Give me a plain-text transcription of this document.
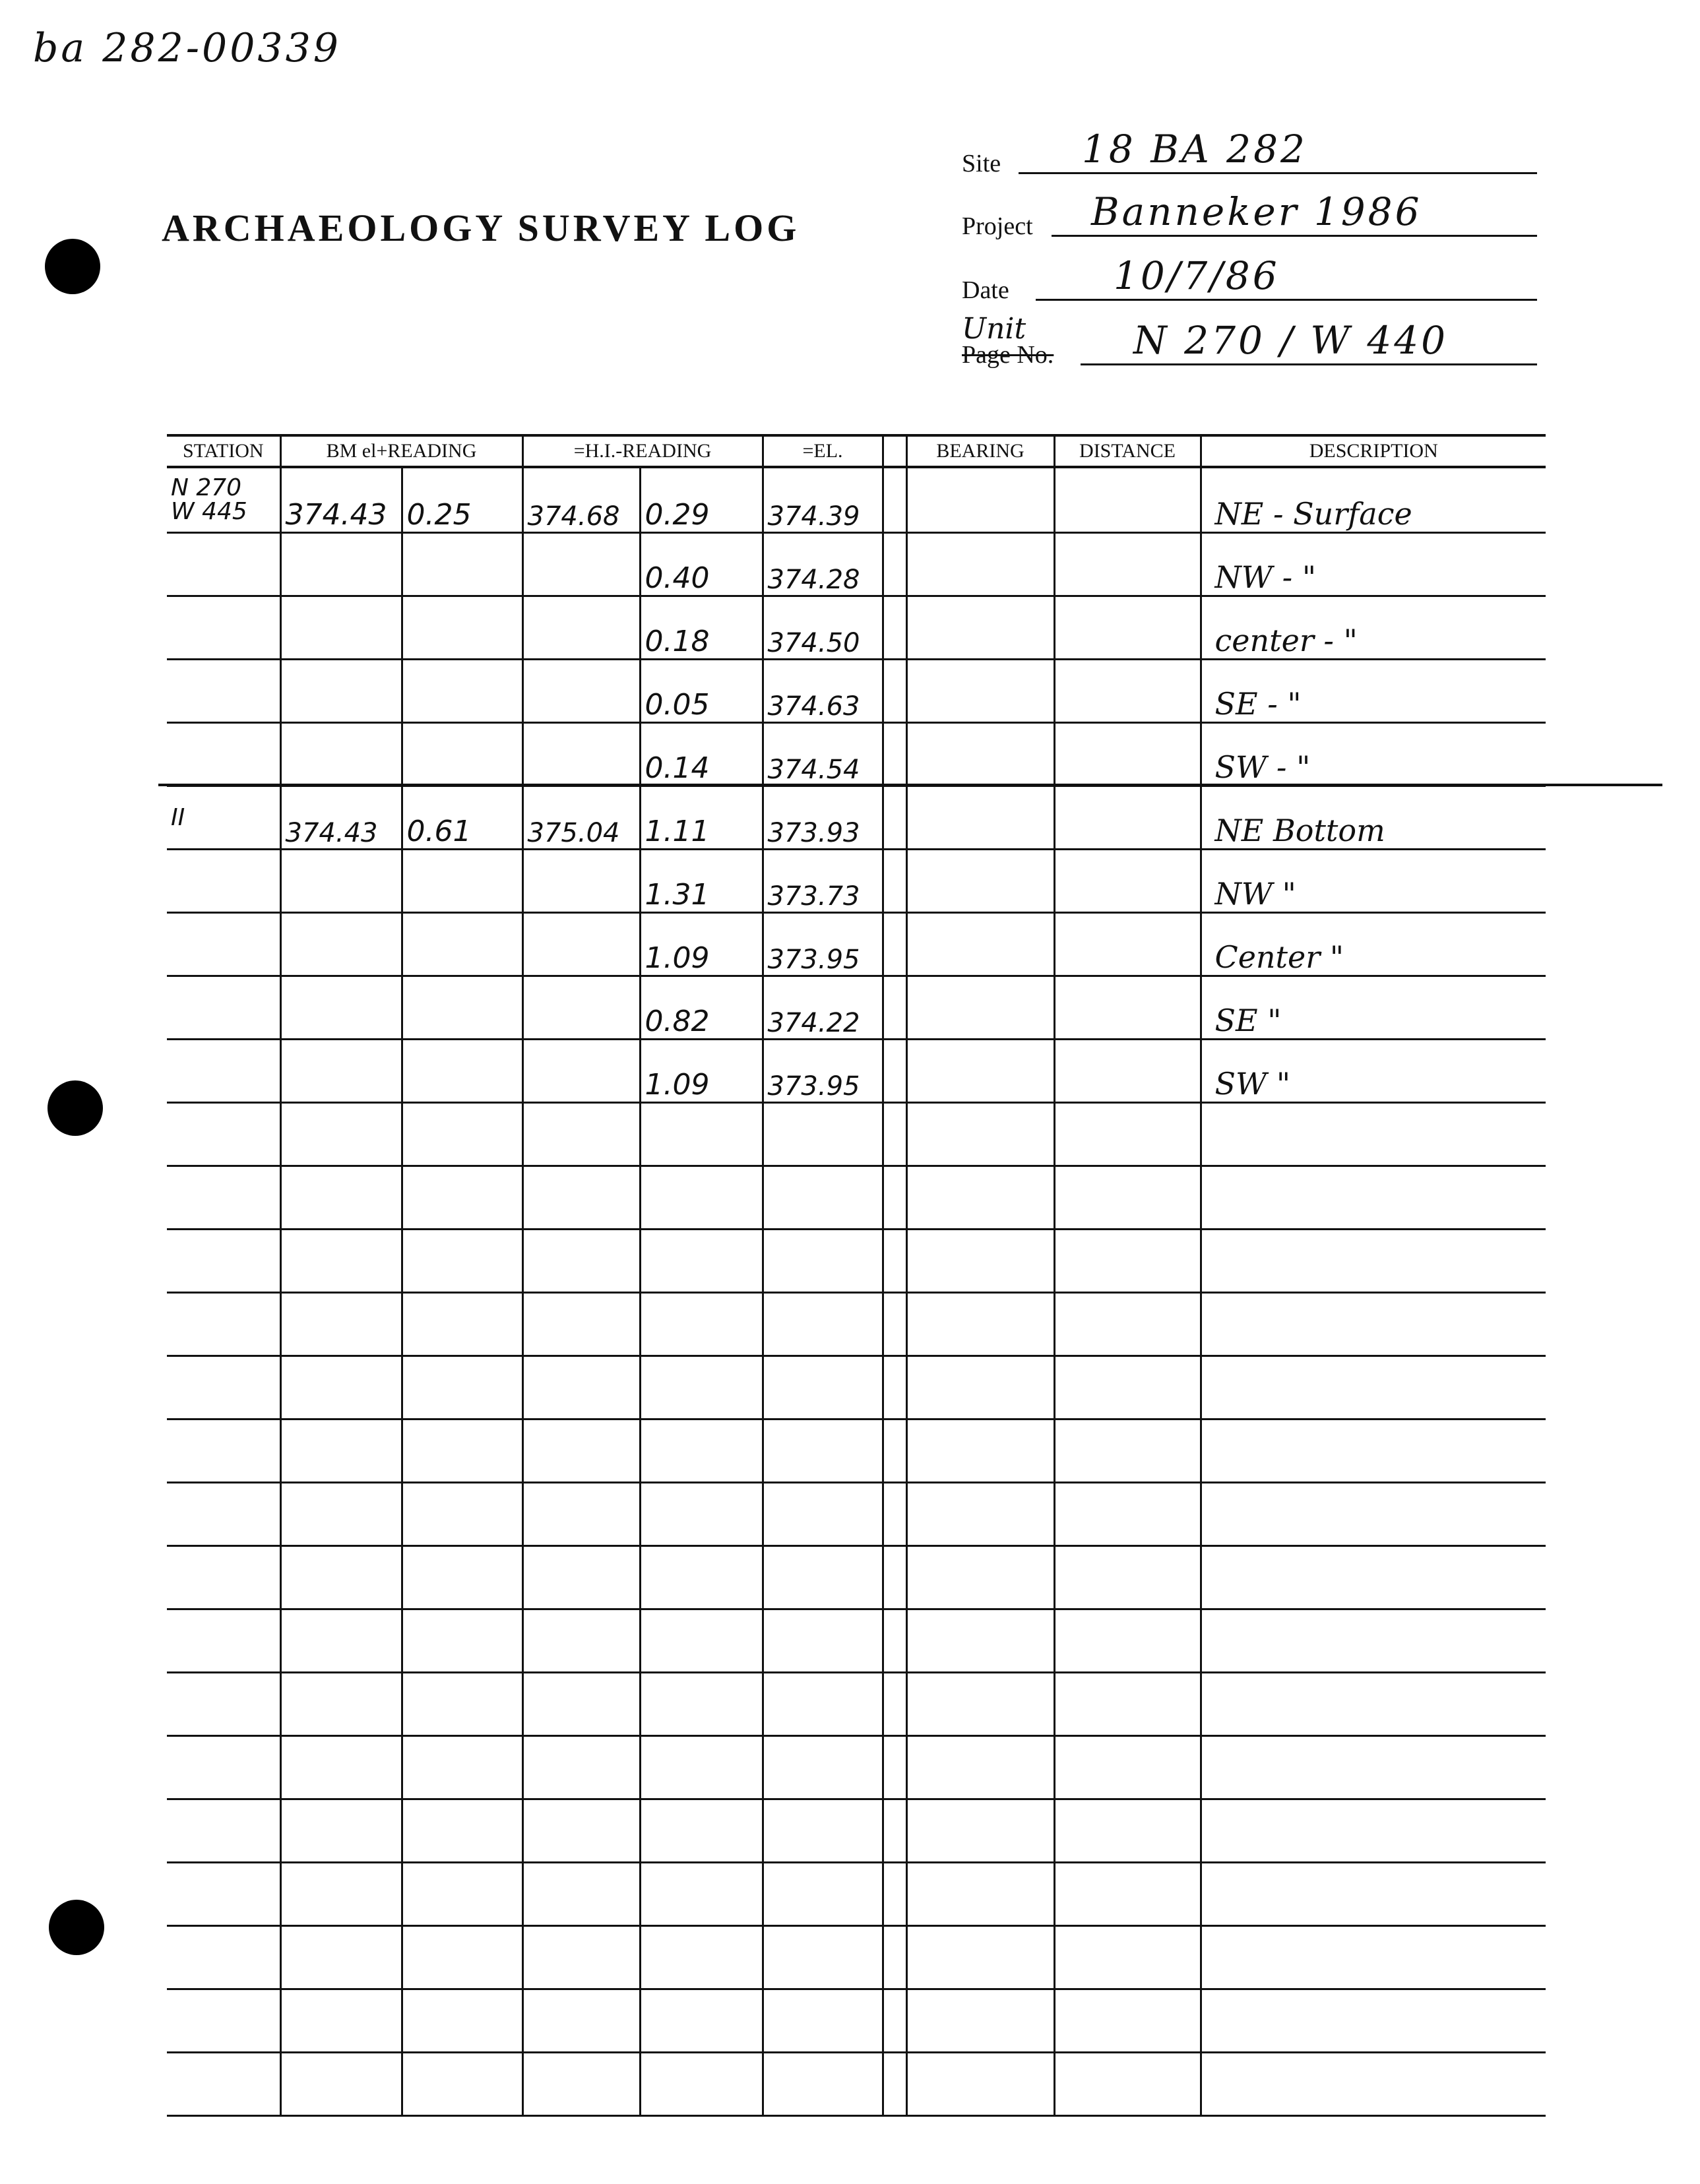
ba 282-00339
ARCHAEOLOGY SURVEY LOG
Site 18 BA 282
Project Banneker 1986
Date	10/7/86
Unit
Page No. N 270 / W 440
STATION	BM el+READING		=H.I.-READING		=EL.		BEARING	DISTANCE	DESCRIPTION
N 270
W 445	374.43	0.25	374.68	0.29	374.39				NE - Surface
				0.40	374.28				NW - "
				0.18	374.50				center - "
				0.05	374.63				SE - "
				0.14	374.54				SW - "
II	374.43	0.61	375.04	1.11	373.93				NE Bottom
				1.31	373.73				NW "
				1.09	373.95				Center "
				0.82	374.22				SE "
				1.09	373.95				SW "
